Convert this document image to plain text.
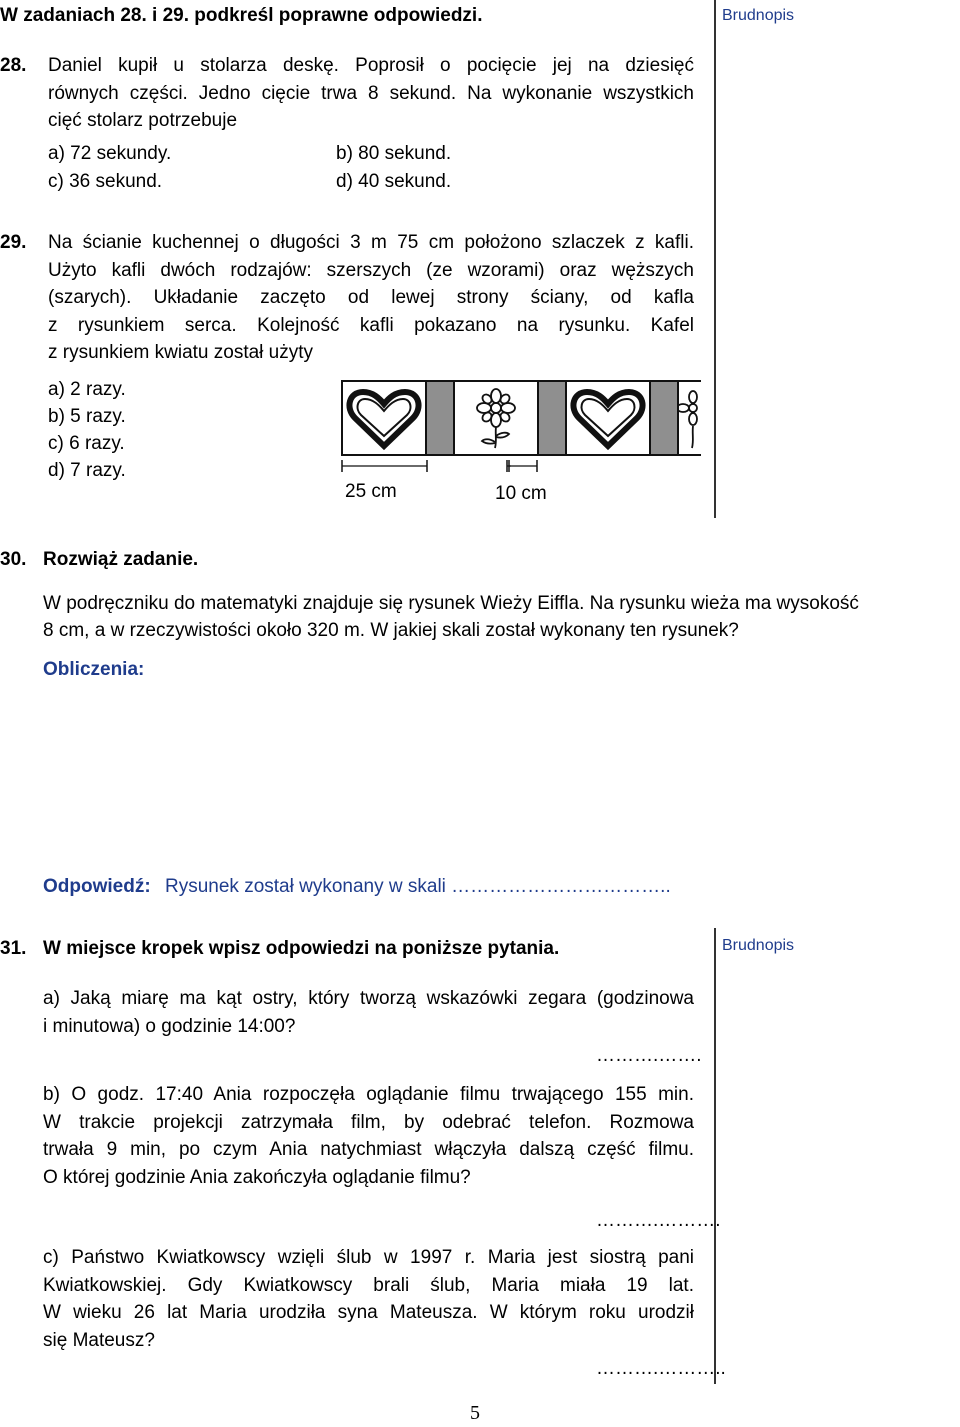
W zadaniach 28. i 29. podkreśl poprawne odpowiedzi.	Brudnopis
28. Daniel kupił u stolarza deskę. Poprosił o pocięcie jej na dziesięć
równych części. Jedno cięcie trwa 8 sekund. Na wykonanie wszystkich
cięć stolarz potrzebuje
a) 72 sekundy.	b) 80 sekund.
c) 36 sekund.	d) 40 sekund.
29. Na ścianie kuchennej o długości 3 m 75 cm położono szlaczek z kafli.
Użyto kafli dwóch rodzajów: szerszych (ze wzorami) oraz węższych
(szarych). Układanie zaczęto od lewej strony ściany, od kafla
z rysunkiem serca. Kolejność kafli pokazano na rysunku. Kafel
z rysunkiem kwiatu został użyty
a) 2 razy.
b) 5 razy.
c) 6 razy.
d) 7 razy.
25 cm	10 cm
30. Rozwiąż zadanie.
W podręczniku do matematyki znajduje się rysunek Wieży Eiffla. Na rysunku wieża ma wysokość
8 cm, a w rzeczywistości około 320 m. W jakiej skali został wykonany ten rysunek?
Obliczenia:
Odpowiedź: Rysunek został wykonany w skali ……………………………..
31. W miejsce kropek wpisz odpowiedzi na poniższe pytania.	Brudnopis
a) Jaką miarę ma kąt ostry, który tworzą wskazówki zegara (godzinowa
i minutowa) o godzinie 14:00?
……….…….
b) O godz. 17:40 Ania rozpoczęła oglądanie filmu trwającego 155 min.
W trakcie projekcji zatrzymała film, by odebrać telefon. Rozmowa
trwała 9 min, po czym Ania natychmiast włączyła dalszą część filmu.
O której godzinie Ania zakończyła oglądanie filmu?
……….……….
c) Państwo Kwiatkowscy wzięli ślub w 1997 r. Maria jest siostrą pani
Kwiatkowskiej. Gdy Kwiatkowscy brali ślub, Maria miała 19 lat.
W wieku 26 lat Maria urodziła syna Mateusza. W którym roku urodził
się Mateusz?
……….………..
5
